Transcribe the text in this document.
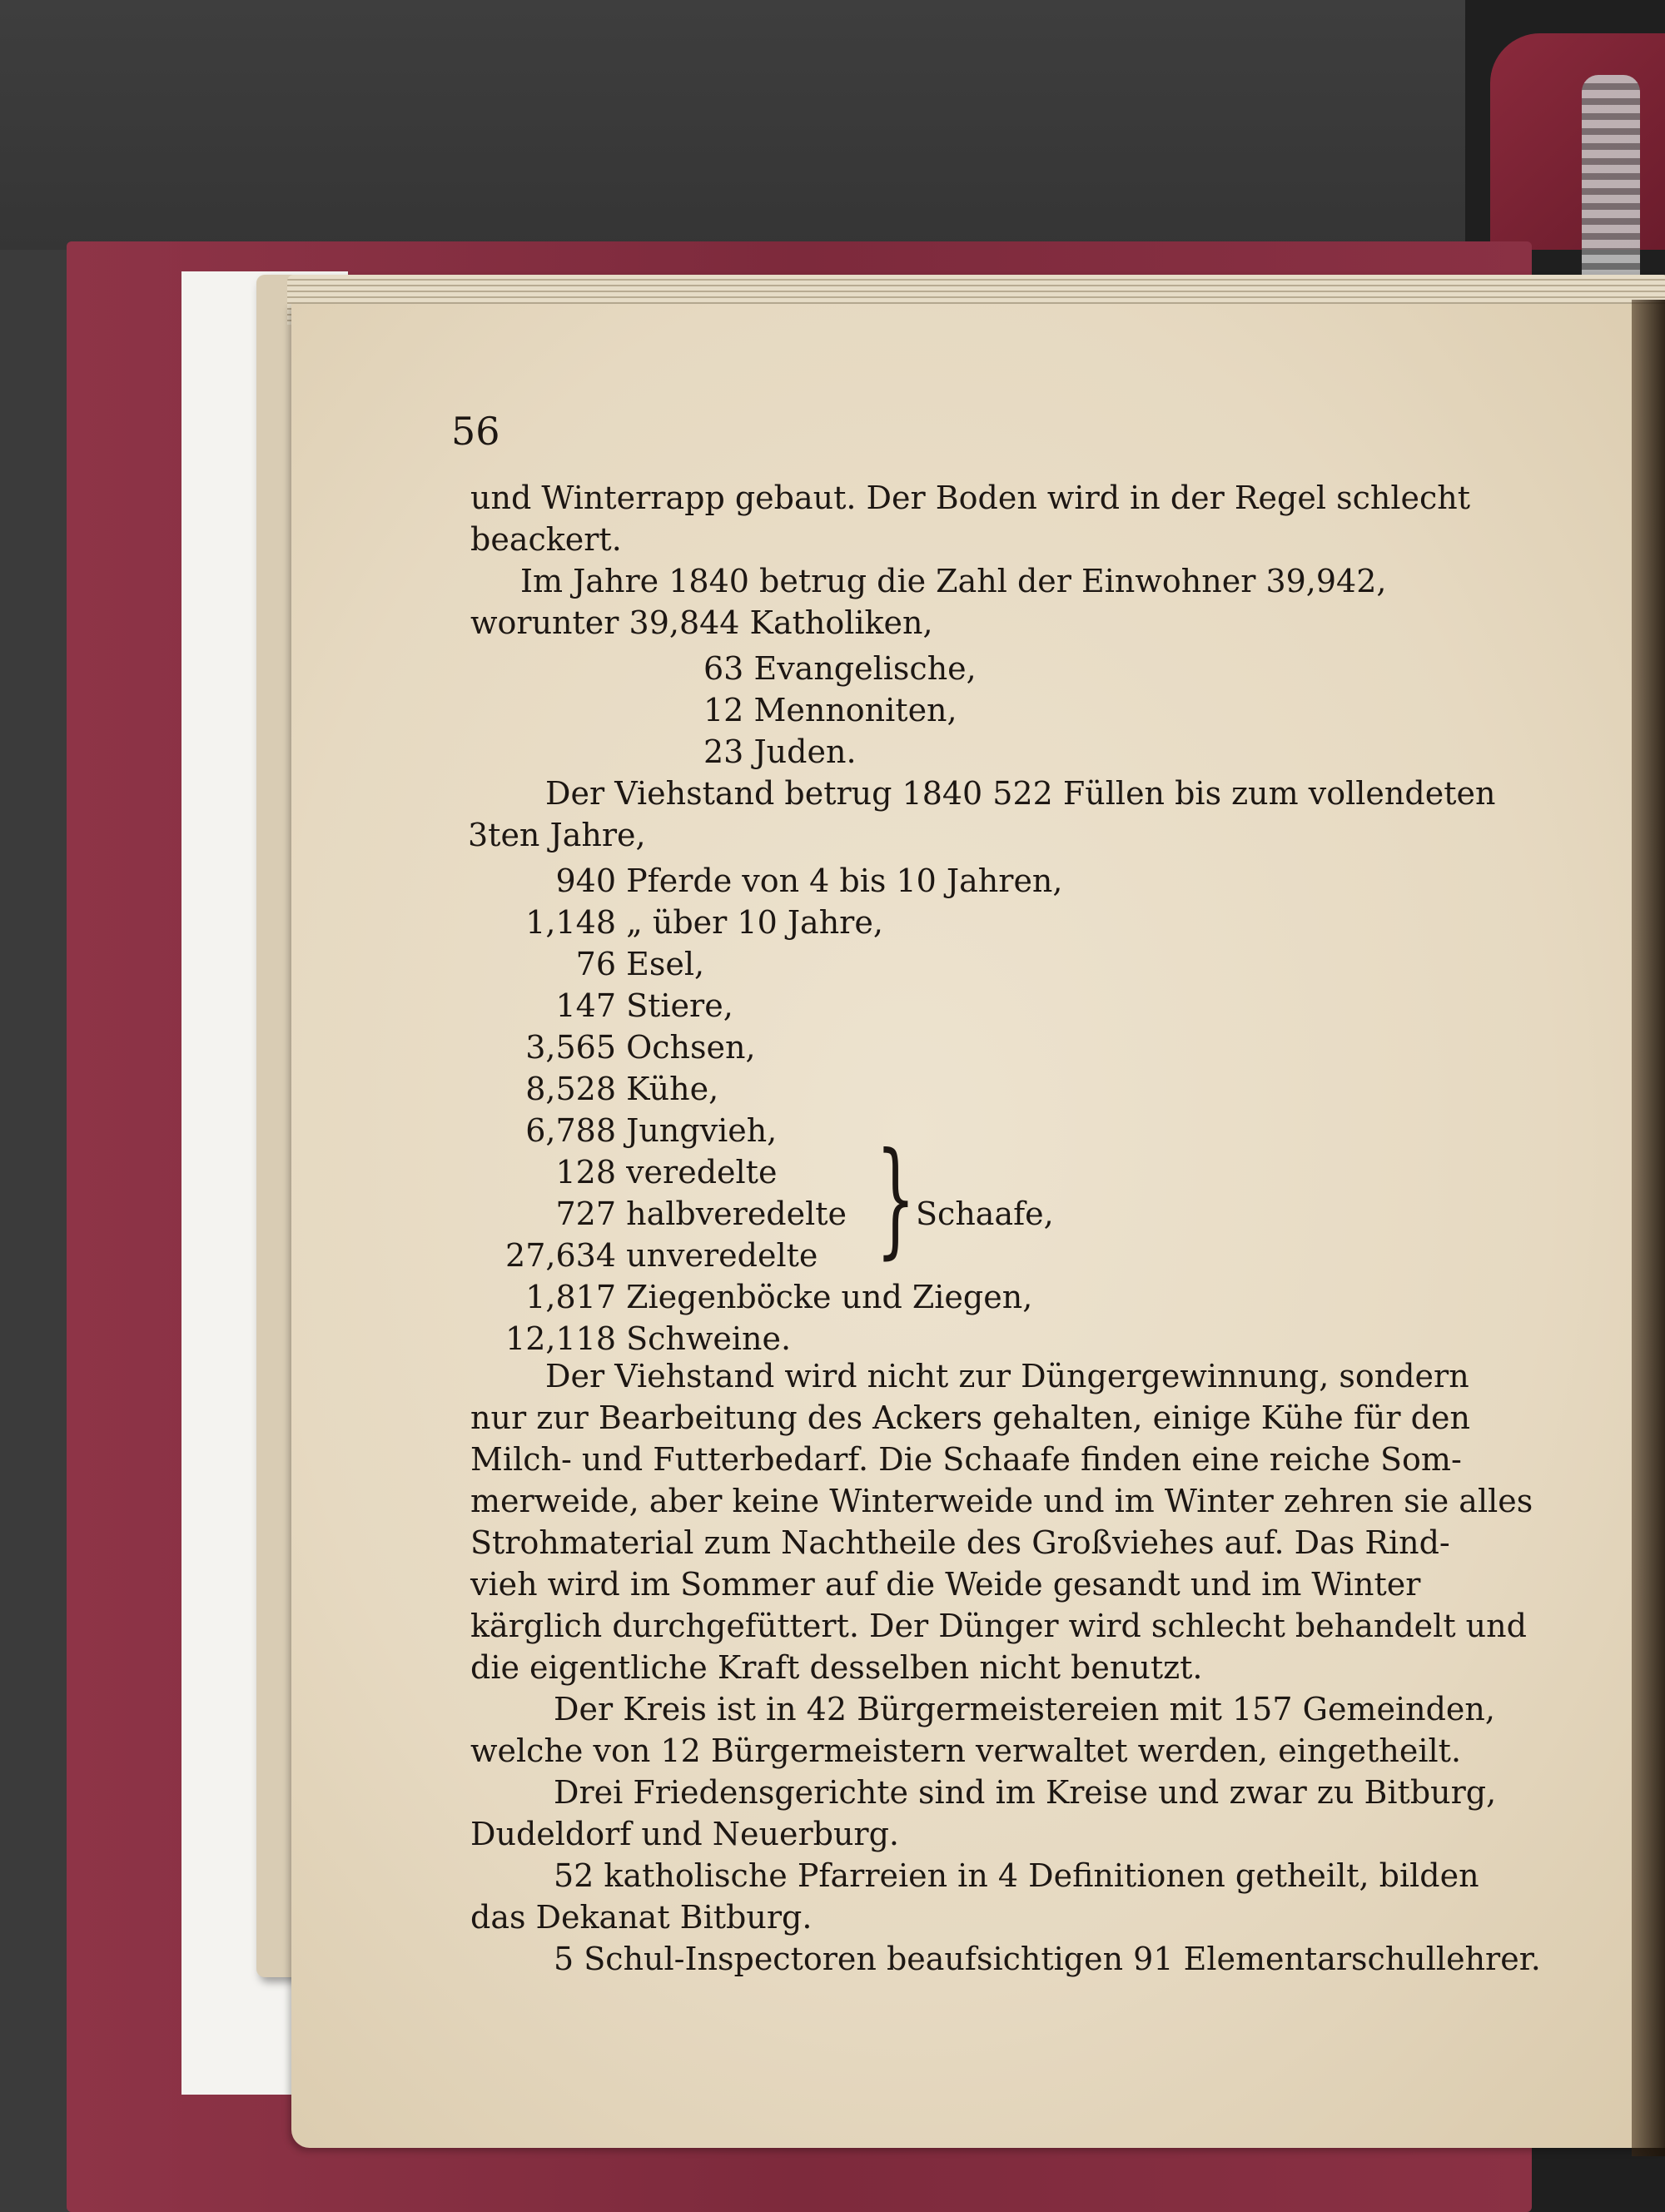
56
und Winterrapp gebaut. Der Boden wird in der Regel schlecht
beackert.
Im Jahre 1840 betrug die Zahl der Einwohner 39,942,
worunter 39,844 Katholiken,
63 Evangelische,
12 Mennoniten,
23 Juden.
Der Viehstand betrug 1840 522 Füllen bis zum vollendeten
3ten Jahre,
940 Pferde von 4 bis 10 Jahren,
1,148 „ über 10 Jahre,
76 Esel,
147 Stiere,
3,565 Ochsen,
8,528 Kühe,
6,788 Jungvieh,
128 veredelte
727 halbveredelte
27,634 unveredelte } Schaafe,
1,817 Ziegenböcke und Ziegen,
12,118 Schweine.
Der Viehstand wird nicht zur Düngergewinnung, sondern
nur zur Bearbeitung des Ackers gehalten, einige Kühe für den
Milch- und Futterbedarf. Die Schaafe finden eine reiche Som-
merweide, aber keine Winterweide und im Winter zehren sie alles
Strohmaterial zum Nachtheile des Großviehes auf. Das Rind-
vieh wird im Sommer auf die Weide gesandt und im Winter
kärglich durchgefüttert. Der Dünger wird schlecht behandelt und
die eigentliche Kraft desselben nicht benutzt.
Der Kreis ist in 42 Bürgermeistereien mit 157 Gemeinden,
welche von 12 Bürgermeistern verwaltet werden, eingetheilt.
Drei Friedensgerichte sind im Kreise und zwar zu Bitburg,
Dudeldorf und Neuerburg.
52 katholische Pfarreien in 4 Definitionen getheilt, bilden
das Dekanat Bitburg.
5 Schul-Inspectoren beaufsichtigen 91 Elementarschullehrer.
